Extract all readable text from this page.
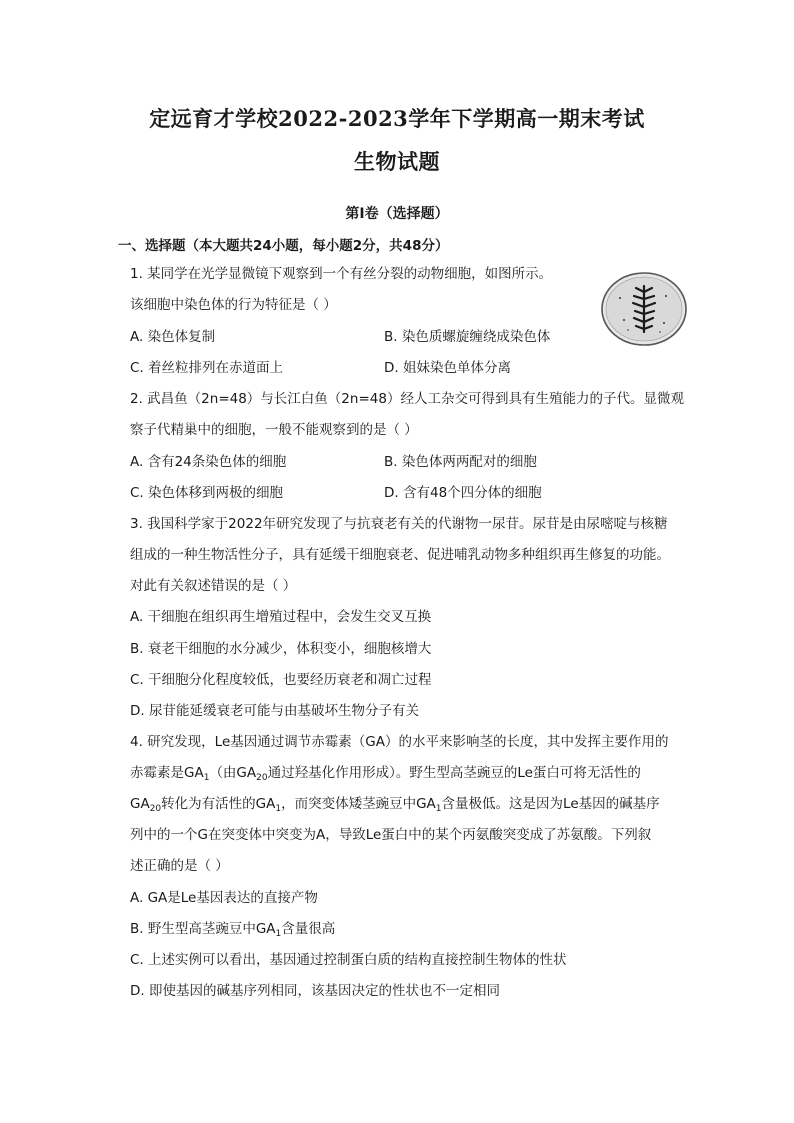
定远育才学校2022-2023学年下学期高一期末考试
生物试题
第I卷（选择题）
一、选择题（本大题共24小题，每小题2分，共48分）
1. 某同学在光学显微镜下观察到一个有丝分裂的动物细胞，如图所示。
该细胞中染色体的行为特征是（ ）
A. 染色体复制	B. 染色质螺旋缠绕成染色体
C. 着丝粒排列在赤道面上	D. 姐妹染色单体分离
2. 武昌鱼（2n=48）与长江白鱼（2n=48）经人工杂交可得到具有生殖能力的子代。显微观
察子代精巢中的细胞，一般不能观察到的是（ ）
A. 含有24条染色体的细胞	B. 染色体两两配对的细胞
C. 染色体移到两极的细胞	D. 含有48个四分体的细胞
3. 我国科学家于2022年研究发现了与抗衰老有关的代谢物一尿苷。尿苷是由尿嘧啶与核糖
组成的一种生物活性分子，具有延缓干细胞衰老、促进哺乳动物多种组织再生修复的功能。
对此有关叙述错误的是（ ）
A. 干细胞在组织再生增殖过程中，会发生交叉互换
B. 衰老干细胞的水分减少，体积变小，细胞核增大
C. 干细胞分化程度较低，也要经历衰老和凋亡过程
D. 尿苷能延缓衰老可能与由基破坏生物分子有关
4. 研究发现，Le基因通过调节赤霉素（GA）的水平来影响茎的长度，其中发挥主要作用的
赤霉素是$GA_1$（由$GA_{20}$通过羟基化作用形成）。野生型高茎豌豆的Le蛋白可将无活性的
$GA_{20}$转化为有活性的$GA_1$，而突变体矮茎豌豆中$GA_1$含量极低。这是因为Le基因的碱基序
列中的一个G在突变体中突变为A，导致Le蛋白中的某个丙氨酸突变成了苏氨酸。下列叙
述正确的是（ ）
A. GA是Le基因表达的直接产物
B. 野生型高茎豌豆中$GA_1$含量很高
C. 上述实例可以看出，基因通过控制蛋白质的结构直接控制生物体的性状
D. 即使基因的碱基序列相同，该基因决定的性状也不一定相同
